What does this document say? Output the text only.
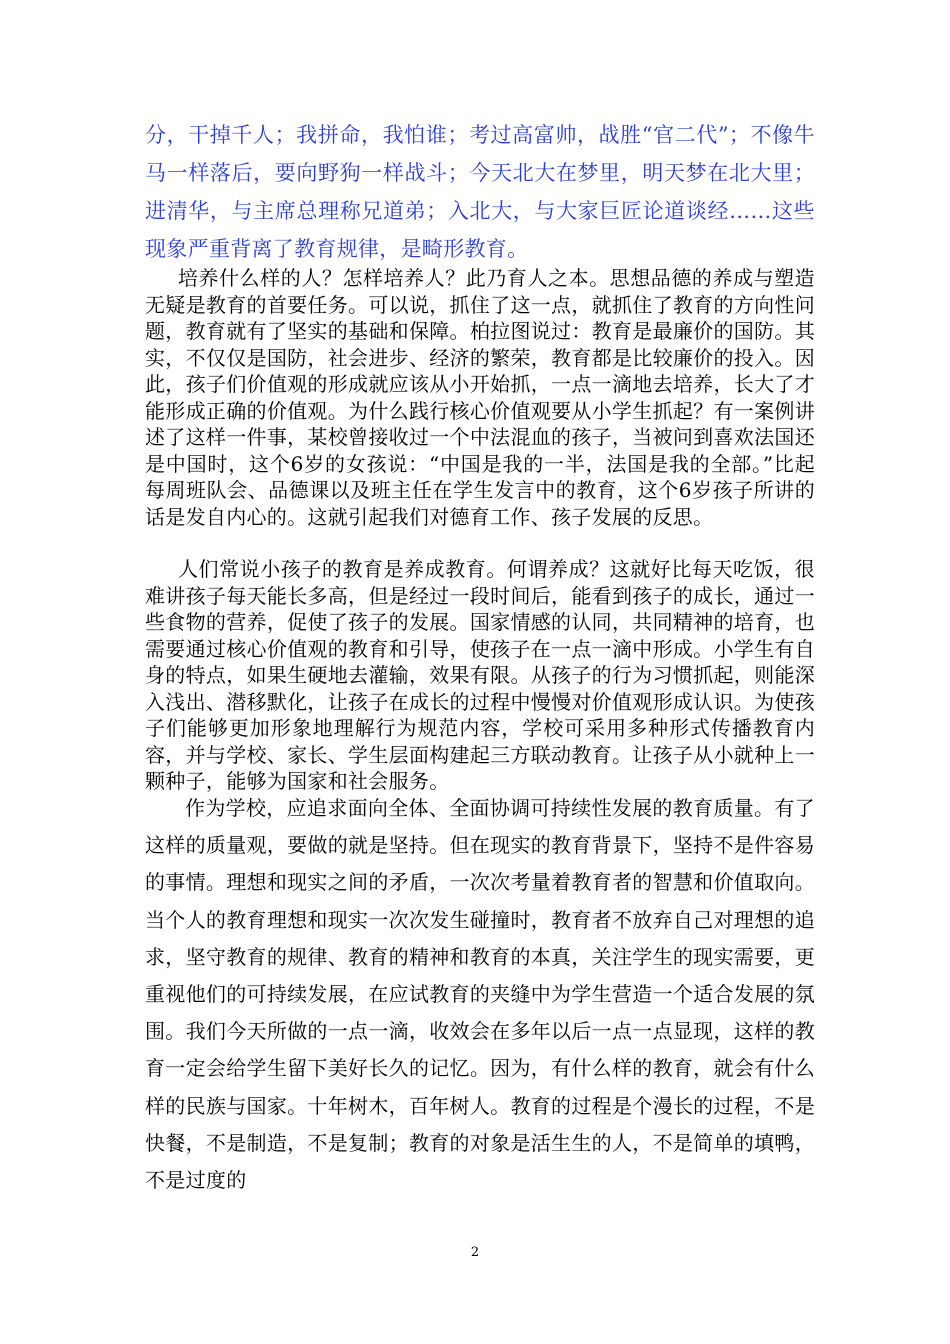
分，干掉千人；我拼命，我怕谁；考过高富帅，战胜“官二代”；不像牛马一样落后，要向野狗一样战斗；今天北大在梦里，明天梦在北大里；进清华，与主席总理称兄道弟；入北大，与大家巨匠论道谈经……这些现象严重背离了教育规律，是畸形教育。

培养什么样的人？怎样培养人？此乃育人之本。思想品德的养成与塑造无疑是教育的首要任务。可以说，抓住了这一点，就抓住了教育的方向性问题，教育就有了坚实的基础和保障。柏拉图说过：教育是最廉价的国防。其实，不仅仅是国防，社会进步、经济的繁荣，教育都是比较廉价的投入。因此，孩子们价值观的形成就应该从小开始抓，一点一滴地去培养，长大了才能形成正确的价值观。为什么践行核心价值观要从小学生抓起？有一案例讲述了这样一件事，某校曾接收过一个中法混血的孩子，当被问到喜欢法国还是中国时，这个6岁的女孩说：“中国是我的一半，法国是我的全部。”比起每周班队会、品德课以及班主任在学生发言中的教育，这个6岁孩子所讲的话是发自内心的。这就引起我们对德育工作、孩子发展的反思。

人们常说小孩子的教育是养成教育。何谓养成？这就好比每天吃饭，很难讲孩子每天能长多高，但是经过一段时间后，能看到孩子的成长，通过一些食物的营养，促使了孩子的发展。国家情感的认同，共同精神的培育，也需要通过核心价值观的教育和引导，使孩子在一点一滴中形成。小学生有自身的特点，如果生硬地去灌输，效果有限。从孩子的行为习惯抓起，则能深入浅出、潜移默化，让孩子在成长的过程中慢慢对价值观形成认识。为使孩子们能够更加形象地理解行为规范内容，学校可采用多种形式传播教育内容，并与学校、家长、学生层面构建起三方联动教育。让孩子从小就种上一颗种子，能够为国家和社会服务。

作为学校，应追求面向全体、全面协调可持续性发展的教育质量。有了这样的质量观，要做的就是坚持。但在现实的教育背景下，坚持不是件容易的事情。理想和现实之间的矛盾，一次次考量着教育者的智慧和价值取向。当个人的教育理想和现实一次次发生碰撞时，教育者不放弃自己对理想的追求，坚守教育的规律、教育的精神和教育的本真，关注学生的现实需要，更重视他们的可持续发展，在应试教育的夹缝中为学生营造一个适合发展的氛围。我们今天所做的一点一滴，收效会在多年以后一点一点显现，这样的教育一定会给学生留下美好长久的记忆。因为，有什么样的教育，就会有什么样的民族与国家。十年树木，百年树人。教育的过程是个漫长的过程，不是快餐，不是制造，不是复制；教育的对象是活生生的人，不是简单的填鸭，不是过度的

2
